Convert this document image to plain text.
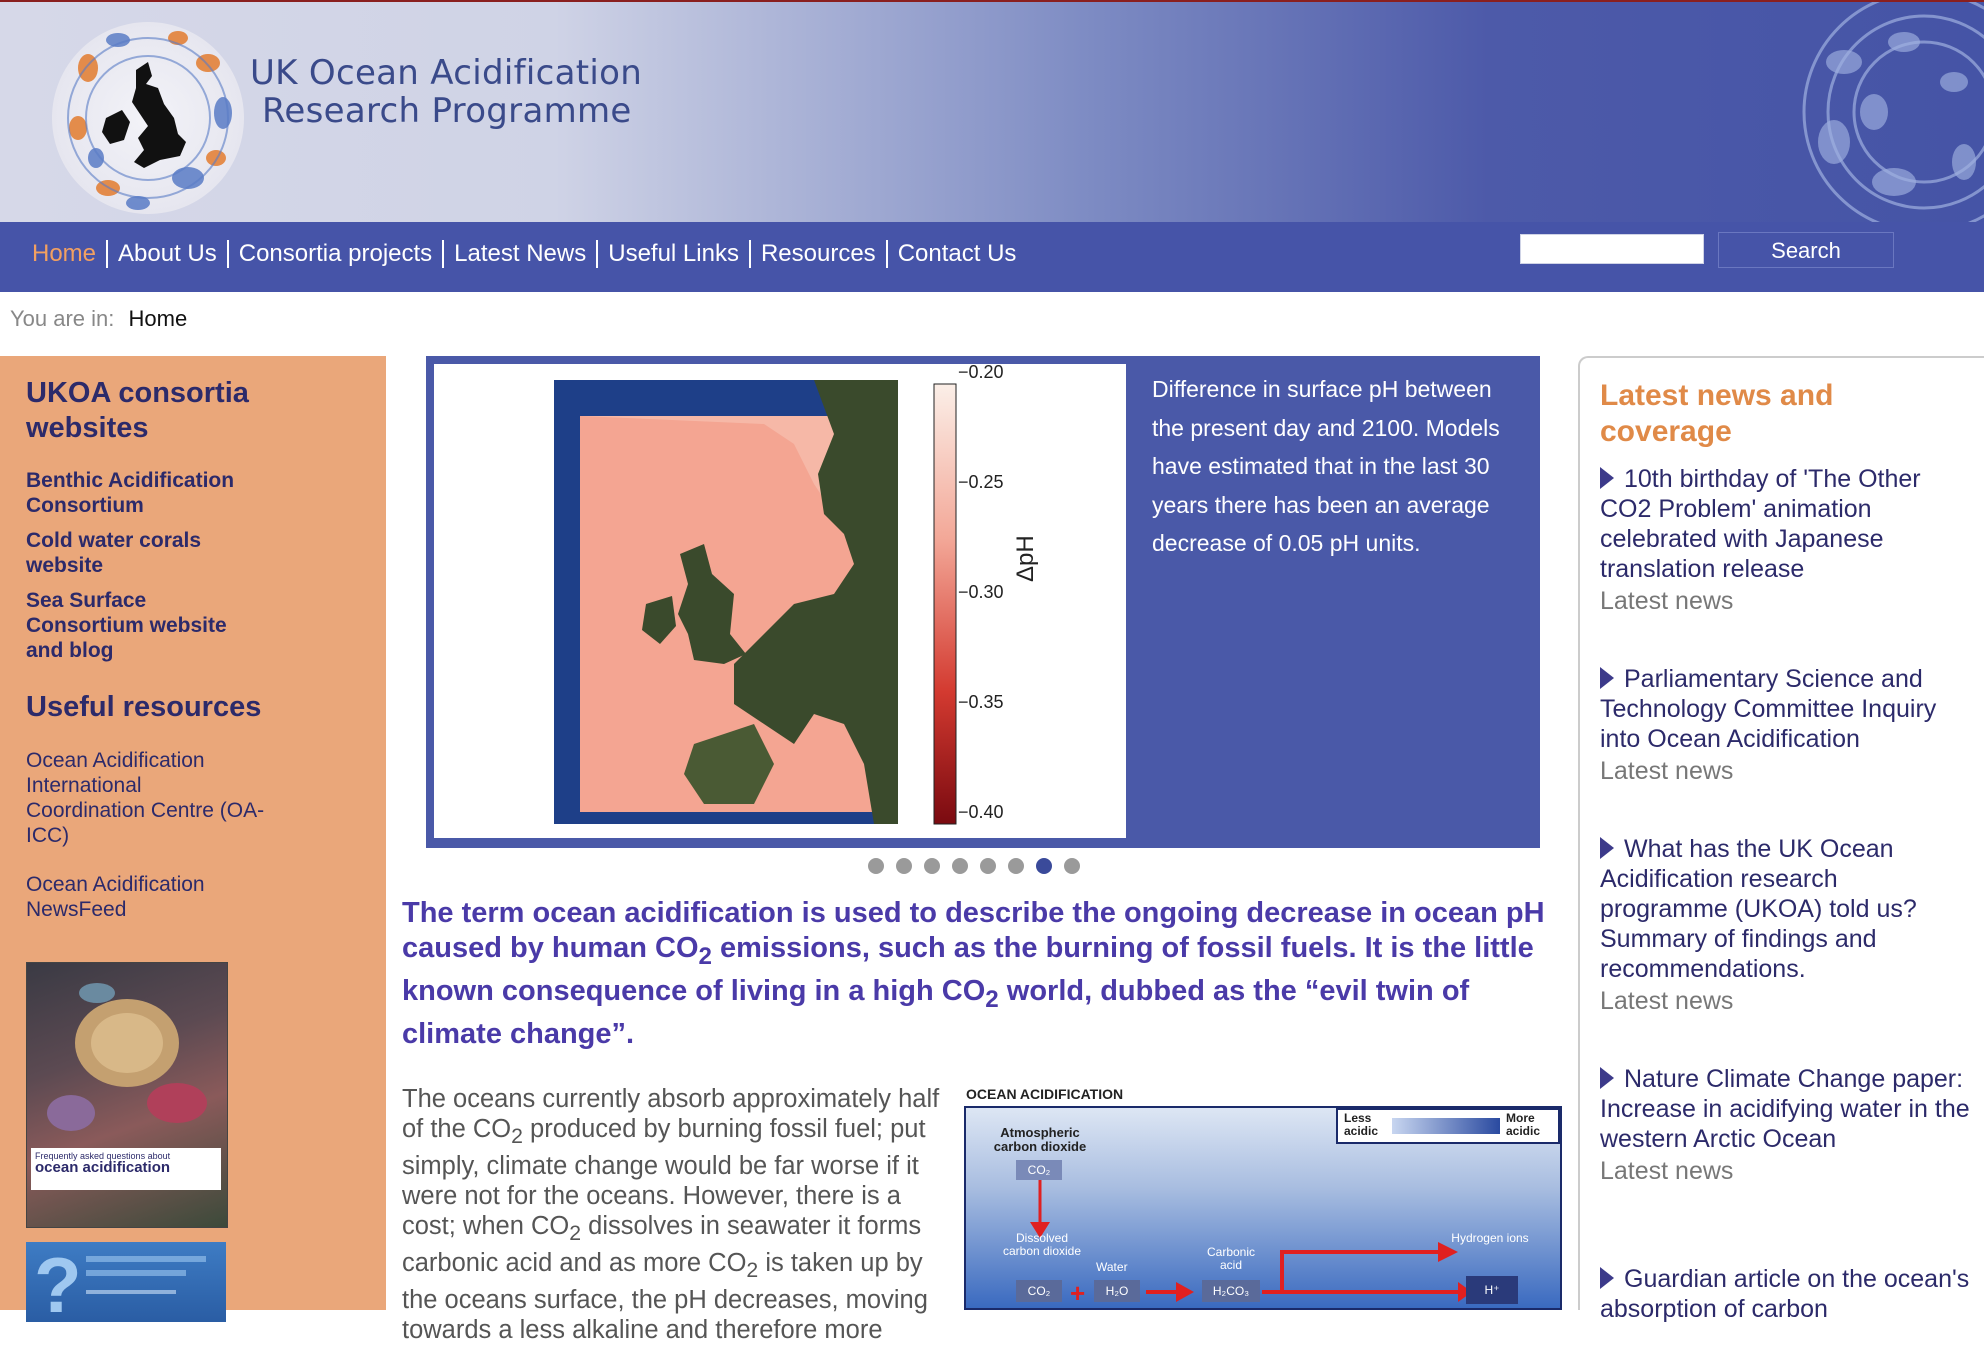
UK Ocean Acidification
Research Programme
Home About Us Consortia projects Latest News Useful Links Resources Contact Us	Search
You are in: Home
UKOA consortia websites
Benthic Acidification Consortium
Cold water corals website
Sea Surface Consortium website and blog
Useful resources
Ocean Acidification International Coordination Centre (OA-ICC)
Ocean Acidification NewsFeed
Frequently asked questions about
ocean acidification
?
−0.20
−0.25
−0.30
−0.35
−0.40
ΔpH
Difference in surface pH between the present day and 2100. Models have estimated that in the last 30 years there has been an average decrease of 0.05 pH units.
The term ocean acidification is used to describe the ongoing decrease in ocean pH caused by human $CO_2$ emissions, such as the burning of fossil fuels. It is the little known consequence of living in a high $CO_2$ world, dubbed as the “evil twin of climate change”.
The oceans currently absorb approximately half of the $CO_2$ produced by burning fossil fuel; put simply, climate change would be far worse if it were not for the oceans. However, there is a cost; when $CO_2$ dissolves in seawater it forms carbonic acid and as more $CO_2$ is taken up by the oceans surface, the pH decreases, moving towards a less alkaline and therefore more
OCEAN ACIDIFICATION
Less acidic
More acidic
Atmospheric carbon dioxide
CO₂
Dissolved carbon dioxide
CO₂ +
Water
H₂O
Carbonic acid
H₂CO₃
Hydrogen ions
H⁺
Latest news and coverage
10th birthday of 'The Other CO2 Problem' animation celebrated with Japanese translation release
Latest news
Parliamentary Science and Technology Committee Inquiry into Ocean Acidification
Latest news
What has the UK Ocean Acidification research programme (UKOA) told us? Summary of findings and recommendations.
Latest news
Nature Climate Change paper: Increase in acidifying water in the western Arctic Ocean
Latest news
Guardian article on the ocean's absorption of carbon
